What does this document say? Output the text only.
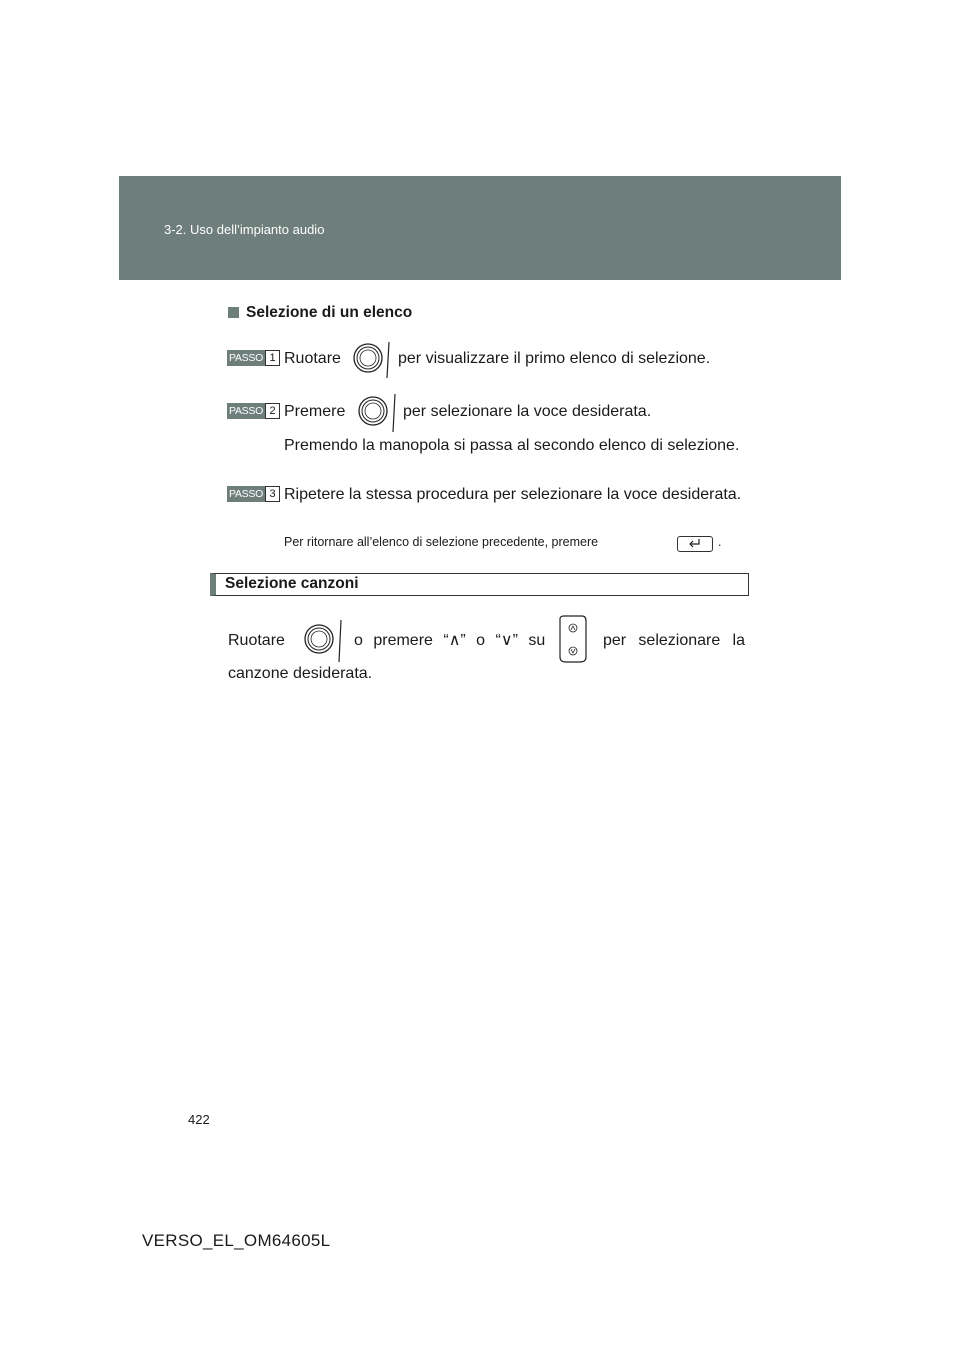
3-2. Uso dell’impianto audio
Selezione di un elenco
PASSO 1 Ruotare	per visualizzare il primo elenco di selezione.
PASSO 2 Premere	per selezionare la voce desiderata.
Premendo la manopola si passa al secondo elenco di selezione.
PASSO 3 Ripetere la stessa procedura per selezionare la voce desiderata.
Per ritornare all’elenco di selezione precedente, premere	.
Selezione canzoni
Ruotare	o premere “∧” o “∨” su	per selezionare la
canzone desiderata.
422
VERSO_EL_OM64605L
